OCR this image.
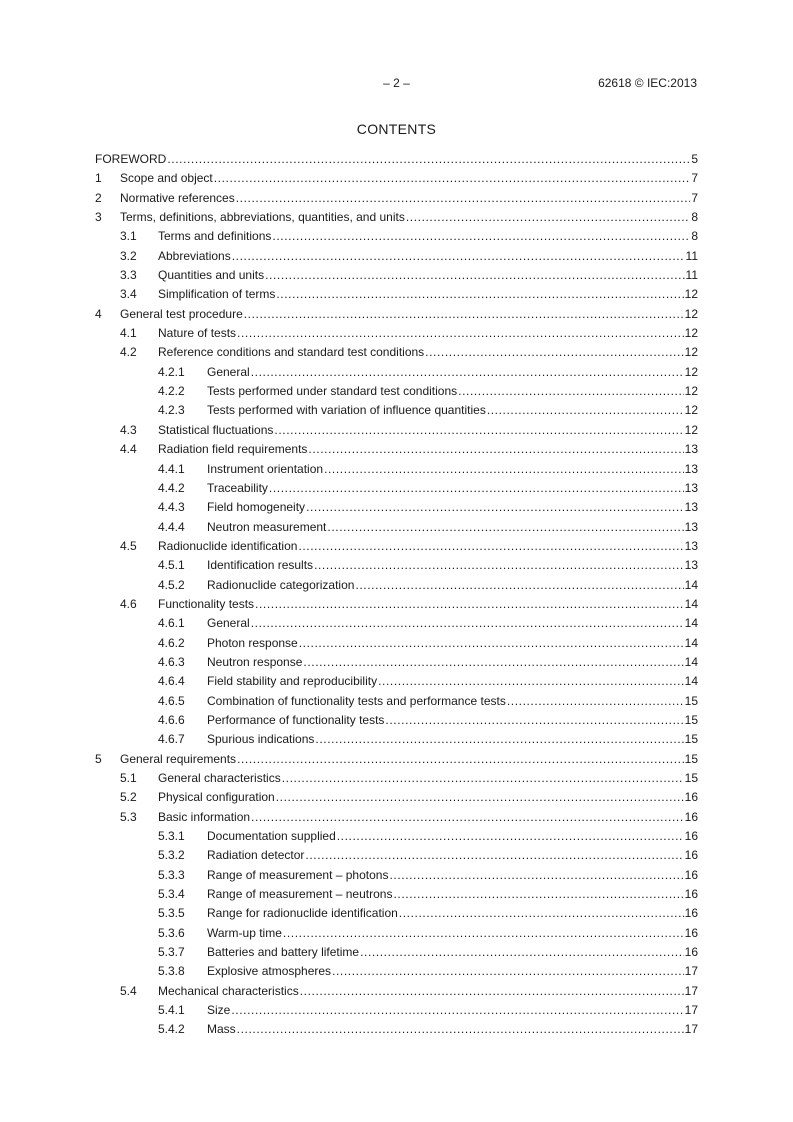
– 2 –	62618 © IEC:2013
CONTENTS
FOREWORD .....	5
1	Scope and object .....	7
2	Normative references .....	7
3	Terms, definitions, abbreviations, quantities, and units .....	8
3.1	Terms and definitions .....	8
3.2	Abbreviations .....	11
3.3	Quantities and units .....	11
3.4	Simplification of terms .....	12
4	General test procedure .....	12
4.1	Nature of tests .....	12
4.2	Reference conditions and standard test conditions .....	12
4.2.1	General .....	12
4.2.2	Tests performed under standard test conditions .....	12
4.2.3	Tests performed with variation of influence quantities .....	12
4.3	Statistical fluctuations .....	12
4.4	Radiation field requirements .....	13
4.4.1	Instrument orientation .....	13
4.4.2	Traceability .....	13
4.4.3	Field homogeneity .....	13
4.4.4	Neutron measurement .....	13
4.5	Radionuclide identification .....	13
4.5.1	Identification results .....	13
4.5.2	Radionuclide categorization .....	14
4.6	Functionality tests .....	14
4.6.1	General .....	14
4.6.2	Photon response .....	14
4.6.3	Neutron response .....	14
4.6.4	Field stability and reproducibility .....	14
4.6.5	Combination of functionality tests and performance tests .....	15
4.6.6	Performance of functionality tests .....	15
4.6.7	Spurious indications .....	15
5	General requirements .....	15
5.1	General characteristics .....	15
5.2	Physical configuration .....	16
5.3	Basic information .....	16
5.3.1	Documentation supplied .....	16
5.3.2	Radiation detector .....	16
5.3.3	Range of measurement – photons .....	16
5.3.4	Range of measurement – neutrons .....	16
5.3.5	Range for radionuclide identification .....	16
5.3.6	Warm-up time .....	16
5.3.7	Batteries and battery lifetime .....	16
5.3.8	Explosive atmospheres .....	17
5.4	Mechanical characteristics .....	17
5.4.1	Size .....	17
5.4.2	Mass .....	17
